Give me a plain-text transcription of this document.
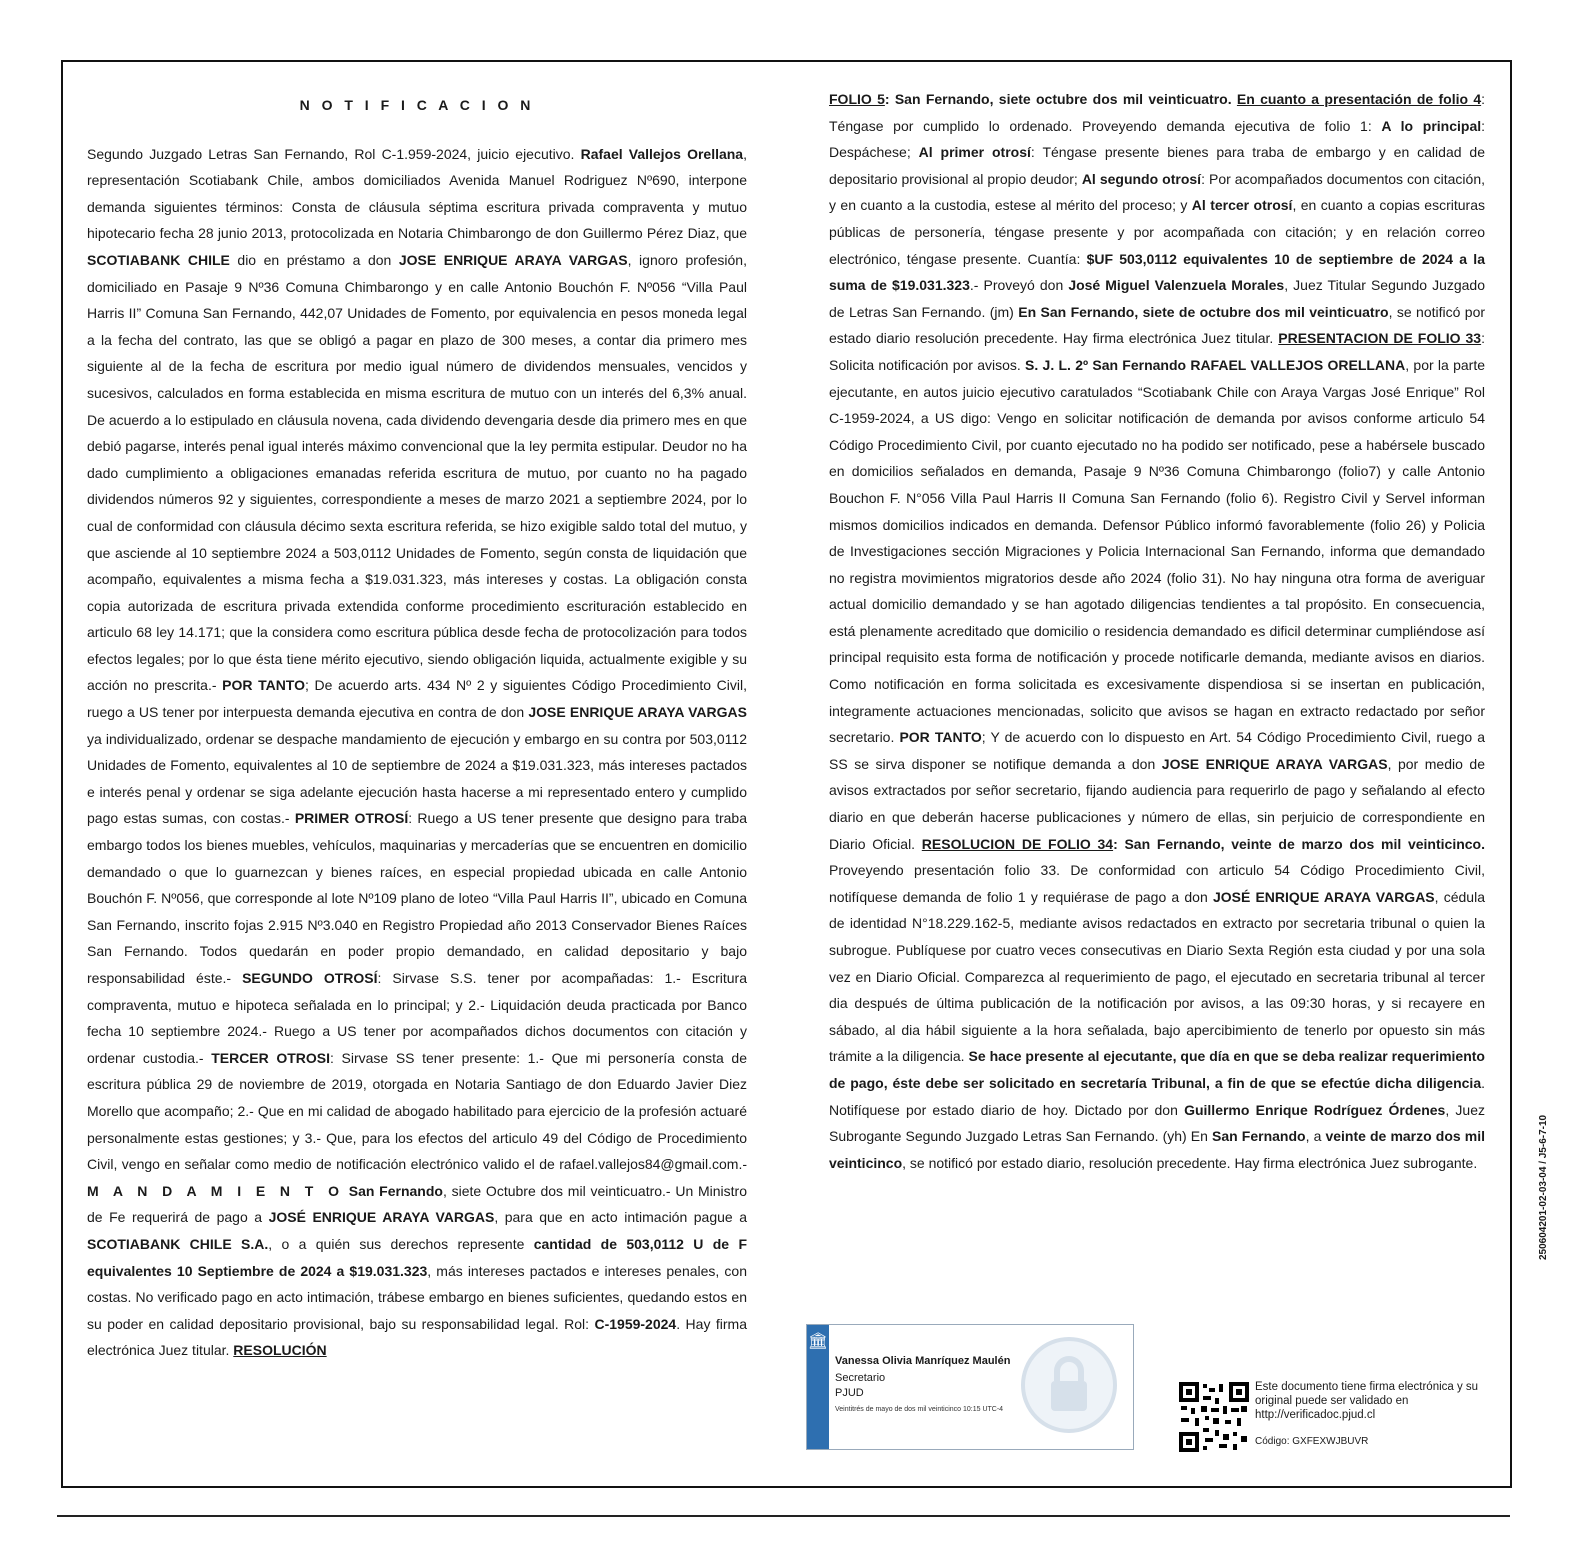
N O T I F I C A C I O N

Segundo Juzgado Letras San Fernando, Rol C-1.959-2024, juicio ejecutivo. Rafael Vallejos Orellana, representación Scotiabank Chile, ambos domiciliados Avenida Manuel Rodriguez Nº690, interpone demanda siguientes términos: Consta de cláusula séptima escritura privada compraventa y mutuo hipotecario fecha 28 junio 2013, protocolizada en Notaria Chimbarongo de don Guillermo Pérez Diaz, que SCOTIABANK CHILE dio en préstamo a don JOSE ENRIQUE ARAYA VARGAS, ignoro profesión, domiciliado en Pasaje 9 Nº36 Comuna Chimbarongo y en calle Antonio Bouchón F. Nº056 “Villa Paul Harris II” Comuna San Fernando, 442,07 Unidades de Fomento, por equivalencia en pesos moneda legal a la fecha del contrato, las que se obligó a pagar en plazo de 300 meses, a contar dia primero mes siguiente al de la fecha de escritura por medio igual número de dividendos mensuales, vencidos y sucesivos, calculados en forma establecida en misma escritura de mutuo con un interés del 6,3% anual. De acuerdo a lo estipulado en cláusula novena, cada dividendo devengaria desde dia primero mes en que debió pagarse, interés penal igual interés máximo convencional que la ley permita estipular. Deudor no ha dado cumplimiento a obligaciones emanadas referida escritura de mutuo, por cuanto no ha pagado dividendos números 92 y siguientes, correspondiente a meses de marzo 2021 a septiembre 2024, por lo cual de conformidad con cláusula décimo sexta escritura referida, se hizo exigible saldo total del mutuo, y que asciende al 10 septiembre 2024 a 503,0112 Unidades de Fomento, según consta de liquidación que acompaño, equivalentes a misma fecha a $19.031.323, más intereses y costas. La obligación consta copia autorizada de escritura privada extendida conforme procedimiento escrituración establecido en articulo 68 ley 14.171; que la considera como escritura pública desde fecha de protocolización para todos efectos legales; por lo que ésta tiene mérito ejecutivo, siendo obligación liquida, actualmente exigible y su acción no prescrita.- POR TANTO; De acuerdo arts. 434 Nº 2 y siguientes Código Procedimiento Civil, ruego a US tener por interpuesta demanda ejecutiva en contra de don JOSE ENRIQUE ARAYA VARGAS ya individualizado, ordenar se despache mandamiento de ejecución y embargo en su contra por 503,0112 Unidades de Fomento, equivalentes al 10 de septiembre de 2024 a $19.031.323, más intereses pactados e interés penal y ordenar se siga adelante ejecución hasta hacerse a mi representado entero y cumplido pago estas sumas, con costas.- PRIMER OTROSÍ: Ruego a US tener presente que designo para traba embargo todos los bienes muebles, vehículos, maquinarias y mercaderías que se encuentren en domicilio demandado o que lo guarnezcan y bienes raíces, en especial propiedad ubicada en calle Antonio Bouchón F. Nº056, que corresponde al lote Nº109 plano de loteo “Villa Paul Harris II”, ubicado en Comuna San Fernando, inscrito fojas 2.915 Nº3.040 en Registro Propiedad año 2013 Conservador Bienes Raíces San Fernando. Todos quedarán en poder propio demandado, en calidad depositario y bajo responsabilidad éste.- SEGUNDO OTROSÍ: Sirvase S.S. tener por acompañadas: 1.- Escritura compraventa, mutuo e hipoteca señalada en lo principal; y 2.- Liquidación deuda practicada por Banco fecha 10 septiembre 2024.- Ruego a US tener por acompañados dichos documentos con citación y ordenar custodia.- TERCER OTROSI: Sirvase SS tener presente: 1.- Que mi personería consta de escritura pública 29 de noviembre de 2019, otorgada en Notaria Santiago de don Eduardo Javier Diez Morello que acompaño; 2.- Que en mi calidad de abogado habilitado para ejercicio de la profesión actuaré personalmente estas gestiones; y 3.- Que, para los efectos del articulo 49 del Código de Procedimiento Civil, vengo en señalar como medio de notificación electrónico valido el de rafael.vallejos84@gmail.com.- M A N D A M I E N T O San Fernando, siete Octubre dos mil veinticuatro.- Un Ministro de Fe requerirá de pago a JOSÉ ENRIQUE ARAYA VARGAS, para que en acto intimación pague a SCOTIABANK CHILE S.A., o a quién sus derechos represente cantidad de 503,0112 U de F equivalentes 10 Septiembre de 2024 a $19.031.323, más intereses pactados e intereses penales, con costas. No verificado pago en acto intimación, trábese embargo en bienes suficientes, quedando estos en su poder en calidad depositario provisional, bajo su responsabilidad legal. Rol: C-1959-2024. Hay firma electrónica Juez titular. RESOLUCIÓN

FOLIO 5: San Fernando, siete octubre dos mil veinticuatro. En cuanto a presentación de folio 4: Téngase por cumplido lo ordenado. Proveyendo demanda ejecutiva de folio 1: A lo principal: Despáchese; Al primer otrosí: Téngase presente bienes para traba de embargo y en calidad de depositario provisional al propio deudor; Al segundo otrosí: Por acompañados documentos con citación, y en cuanto a la custodia, estese al mérito del proceso; y Al tercer otrosí, en cuanto a copias escrituras públicas de personería, téngase presente y por acompañada con citación; y en relación correo electrónico, téngase presente. Cuantía: $UF 503,0112 equivalentes 10 de septiembre de 2024 a la suma de $19.031.323.- Proveyó don José Miguel Valenzuela Morales, Juez Titular Segundo Juzgado de Letras San Fernando. (jm) En San Fernando, siete de octubre dos mil veinticuatro, se notificó por estado diario resolución precedente. Hay firma electrónica Juez titular. PRESENTACION DE FOLIO 33: Solicita notificación por avisos. S. J. L. 2º San Fernando RAFAEL VALLEJOS ORELLANA, por la parte ejecutante, en autos juicio ejecutivo caratulados “Scotiabank Chile con Araya Vargas José Enrique” Rol C-1959-2024, a US digo: Vengo en solicitar notificación de demanda por avisos conforme articulo 54 Código Procedimiento Civil, por cuanto ejecutado no ha podido ser notificado, pese a habérsele buscado en domicilios señalados en demanda, Pasaje 9 Nº36 Comuna Chimbarongo (folio7) y calle Antonio Bouchon F. N°056 Villa Paul Harris II Comuna San Fernando (folio 6). Registro Civil y Servel informan mismos domicilios indicados en demanda. Defensor Público informó favorablemente (folio 26) y Policia de Investigaciones sección Migraciones y Policia Internacional San Fernando, informa que demandado no registra movimientos migratorios desde año 2024 (folio 31). No hay ninguna otra forma de averiguar actual domicilio demandado y se han agotado diligencias tendientes a tal propósito. En consecuencia, está plenamente acreditado que domicilio o residencia demandado es dificil determinar cumpliéndose así principal requisito esta forma de notificación y procede notificarle demanda, mediante avisos en diarios. Como notificación en forma solicitada es excesivamente dispendiosa si se insertan en publicación, integramente actuaciones mencionadas, solicito que avisos se hagan en extracto redactado por señor secretario. POR TANTO; Y de acuerdo con lo dispuesto en Art. 54 Código Procedimiento Civil, ruego a SS se sirva disponer se notifique demanda a don JOSE ENRIQUE ARAYA VARGAS, por medio de avisos extractados por señor secretario, fijando audiencia para requerirlo de pago y señalando al efecto diario en que deberán hacerse publicaciones y número de ellas, sin perjuicio de correspondiente en Diario Oficial. RESOLUCION DE FOLIO 34: San Fernando, veinte de marzo dos mil veinticinco. Proveyendo presentación folio 33. De conformidad con articulo 54 Código Procedimiento Civil, notifíquese demanda de folio 1 y requiérase de pago a don JOSÉ ENRIQUE ARAYA VARGAS, cédula de identidad N°18.229.162-5, mediante avisos redactados en extracto por secretaria tribunal o quien la subrogue. Publíquese por cuatro veces consecutivas en Diario Sexta Región esta ciudad y por una sola vez en Diario Oficial. Comparezca al requerimiento de pago, el ejecutado en secretaria tribunal al tercer dia después de última publicación de la notificación por avisos, a las 09:30 horas, y si recayere en sábado, al dia hábil siguiente a la hora señalada, bajo apercibimiento de tenerlo por opuesto sin más trámite a la diligencia. Se hace presente al ejecutante, que día en que se deba realizar requerimiento de pago, éste debe ser solicitado en secretaría Tribunal, a fin de que se efectúe dicha diligencia. Notifíquese por estado diario de hoy. Dictado por don Guillermo Enrique Rodríguez Órdenes, Juez Subrogante Segundo Juzgado Letras San Fernando. (yh) En San Fernando, a veinte de marzo dos mil veinticinco, se notificó por estado diario, resolución precedente. Hay firma electrónica Juez subrogante.

🏛
Vanessa Olivia Manríquez Maulén
Secretario
PJUD
Veintitrés de mayo de dos mil veinticinco 10:15 UTC-4
Este documento tiene firma electrónica y su original puede ser validado en http://verificadoc.pjud.cl
Código: GXFEXWJBUVR
250604201-02-03-04 / J5-6-7-10
